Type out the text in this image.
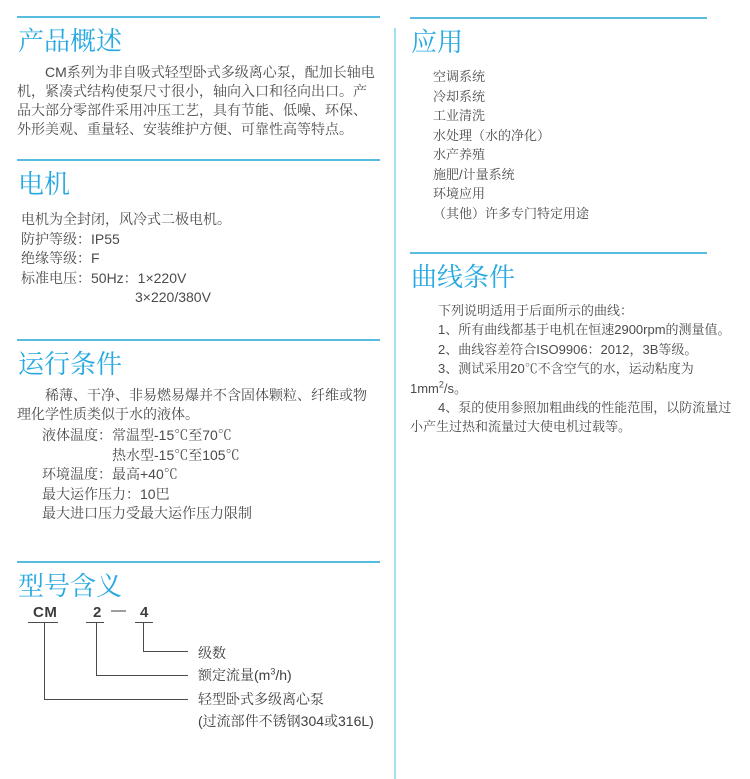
产品概述

CM系列为非自吸式轻型卧式多级离心泵，配加长轴电机，紧凑式结构使泵尺寸很小，轴向入口和径向出口。产品大部分零部件采用冲压工艺，具有节能、低噪、环保、外形美观、重量轻、安装维护方便、可靠性高等特点。

电机
电机为全封闭，风冷式二极电机。
防护等级：IP55
绝缘等级：F
标准电压：50Hz：1×220V
3×220/380V
运行条件

稀薄、干净、非易燃易爆并不含固体颗粒、纤维或物理化学性质类似于水的液体。

液体温度：常温型-15℃至70℃
热水型-15℃至105℃
环境温度：最高+40℃
最大运作压力：10巴
最大进口压力受最大运作压力限制
型号含义
CM 2 — 4
级数
额定流量$(m^3/h)$
轻型卧式多级离心泵
(过流部件不锈钢304或316L)
应用
空调系统
冷却系统
工业清洗
水处理（水的净化）
水产养殖
施肥/计量系统
环境应用
（其他）许多专门特定用途
曲线条件

下列说明适用于后面所示的曲线：

1、所有曲线都基于电机在恒速2900rpm的测量值。

2、曲线容差符合ISO9906：2012，3B等级。

3、测试采用20℃不含空气的水，运动粘度为$1mm^2/s$。

4、泵的使用参照加粗曲线的性能范围，以防流量过小产生过热和流量过大使电机过载等。
